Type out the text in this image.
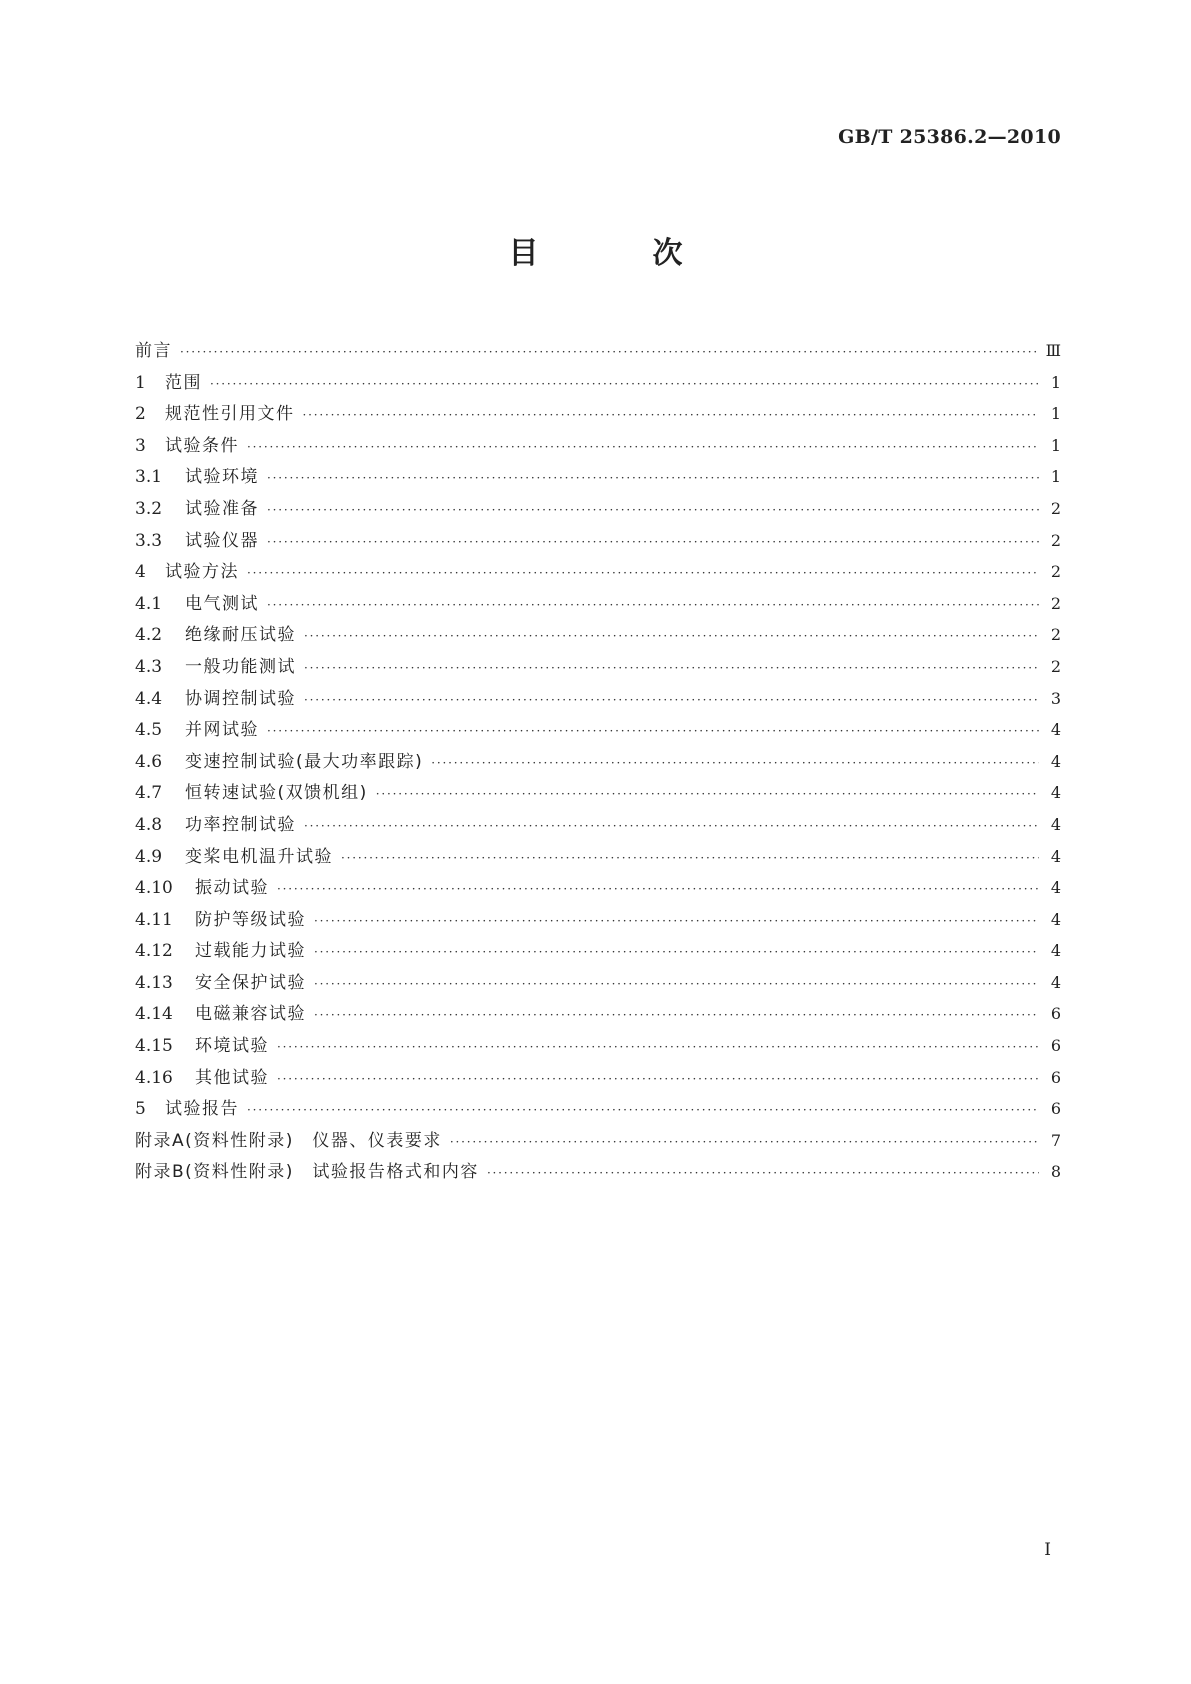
GB/T 25386.2—2010
目　次
前言 ·····	Ⅲ
1	范围 ·····	1
2	规范性引用文件 ·····	1
3	试验条件 ·····	1
3.1	试验环境 ·····	1
3.2	试验准备 ·····	2
3.3	试验仪器 ·····	2
4	试验方法 ·····	2
4.1	电气测试 ·····	2
4.2	绝缘耐压试验 ·····	2
4.3	一般功能测试 ·····	2
4.4	协调控制试验 ·····	3
4.5	并网试验 ·····	4
4.6	变速控制试验(最大功率跟踪) ·····	4
4.7	恒转速试验(双馈机组) ·····	4
4.8	功率控制试验 ·····	4
4.9	变桨电机温升试验 ·····	4
4.10	振动试验 ·····	4
4.11	防护等级试验 ·····	4
4.12	过载能力试验 ·····	4
4.13	安全保护试验 ·····	4
4.14	电磁兼容试验 ·····	6
4.15	环境试验 ·····	6
4.16	其他试验 ·····	6
5	试验报告 ·····	6
附录A(资料性附录)　仪器、仪表要求 ·····	7
附录B(资料性附录)　试验报告格式和内容 ·····	8
I
